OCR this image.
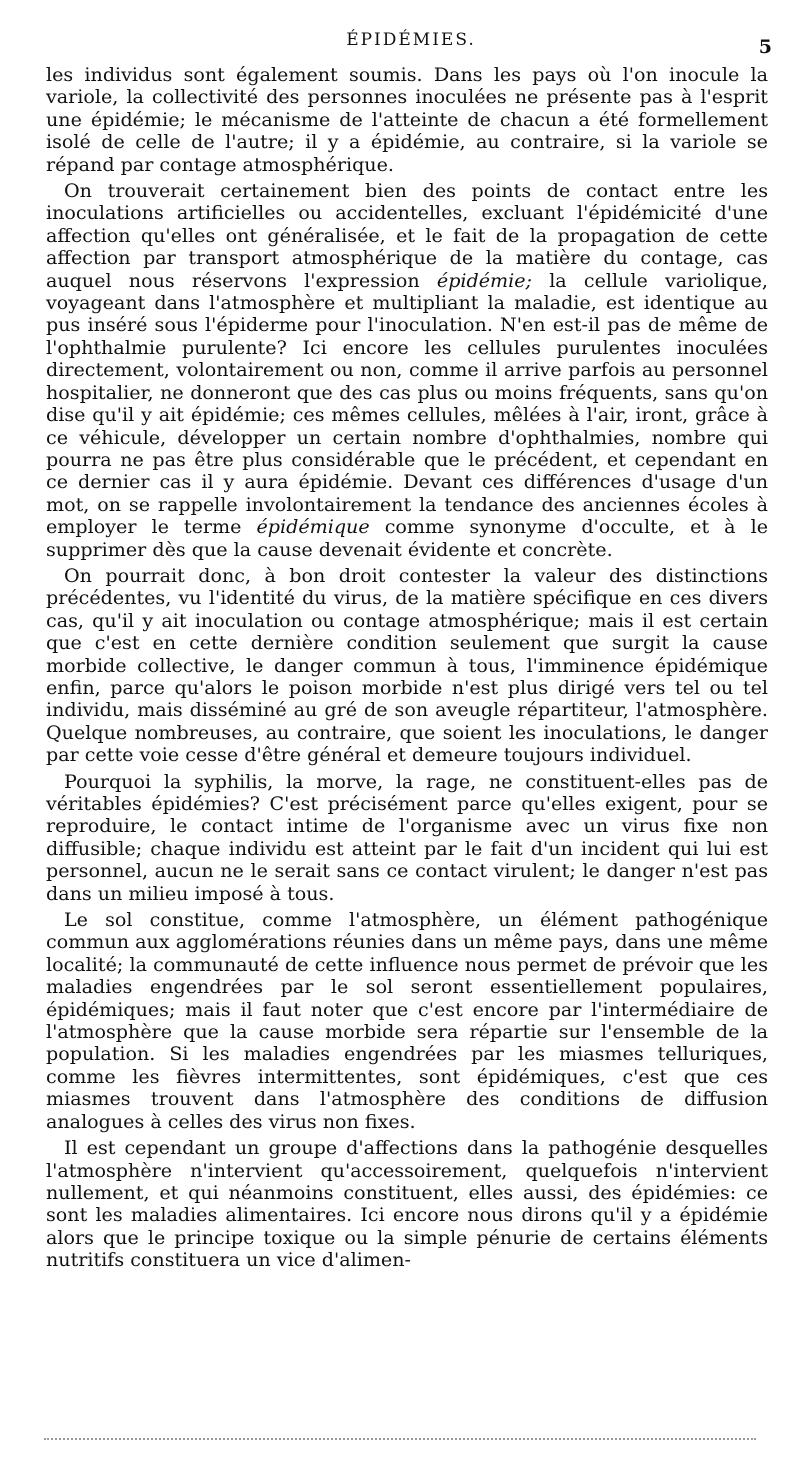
ÉPIDÉMIES.	5

les individus sont également soumis. Dans les pays où l'on inocule la variole, la collectivité des personnes inoculées ne présente pas à l'esprit une épidémie; le mécanisme de l'atteinte de chacun a été formellement isolé de celle de l'autre; il y a épidémie, au contraire, si la variole se répand par contage atmosphérique.

On trouverait certainement bien des points de contact entre les inoculations artificielles ou accidentelles, excluant l'épidémicité d'une affection qu'elles ont généralisée, et le fait de la propagation de cette affection par transport atmosphérique de la matière du contage, cas auquel nous réservons l'expression épidémie; la cellule variolique, voyageant dans l'atmosphère et multipliant la maladie, est identique au pus inséré sous l'épiderme pour l'inoculation. N'en est-il pas de même de l'ophthalmie purulente? Ici encore les cellules purulentes inoculées directement, volontairement ou non, comme il arrive parfois au personnel hospitalier, ne donneront que des cas plus ou moins fréquents, sans qu'on dise qu'il y ait épidémie; ces mêmes cellules, mêlées à l'air, iront, grâce à ce véhicule, développer un certain nombre d'ophthalmies, nombre qui pourra ne pas être plus considérable que le précédent, et cependant en ce dernier cas il y aura épidémie. Devant ces différences d'usage d'un mot, on se rappelle involontairement la tendance des anciennes écoles à employer le terme épidémique comme synonyme d'occulte, et à le supprimer dès que la cause devenait évidente et concrète.

On pourrait donc, à bon droit contester la valeur des distinctions précédentes, vu l'identité du virus, de la matière spécifique en ces divers cas, qu'il y ait inoculation ou contage atmosphérique; mais il est certain que c'est en cette dernière condition seulement que surgit la cause morbide collective, le danger commun à tous, l'imminence épidémique enfin, parce qu'alors le poison morbide n'est plus dirigé vers tel ou tel individu, mais disséminé au gré de son aveugle répartiteur, l'atmosphère. Quelque nombreuses, au contraire, que soient les inoculations, le danger par cette voie cesse d'être général et demeure toujours individuel.

Pourquoi la syphilis, la morve, la rage, ne constituent-elles pas de véritables épidémies? C'est précisément parce qu'elles exigent, pour se reproduire, le contact intime de l'organisme avec un virus fixe non diffusible; chaque individu est atteint par le fait d'un incident qui lui est personnel, aucun ne le serait sans ce contact virulent; le danger n'est pas dans un milieu imposé à tous.

Le sol constitue, comme l'atmosphère, un élément pathogénique commun aux agglomérations réunies dans un même pays, dans une même localité; la communauté de cette influence nous permet de prévoir que les maladies engendrées par le sol seront essentiellement populaires, épidémiques; mais il faut noter que c'est encore par l'intermédiaire de l'atmosphère que la cause morbide sera répartie sur l'ensemble de la population. Si les maladies engendrées par les miasmes telluriques, comme les fièvres intermittentes, sont épidémiques, c'est que ces miasmes trouvent dans l'atmosphère des conditions de diffusion analogues à celles des virus non fixes.

Il est cependant un groupe d'affections dans la pathogénie desquelles l'atmosphère n'intervient qu'accessoirement, quelquefois n'intervient nullement, et qui néanmoins constituent, elles aussi, des épidémies: ce sont les maladies alimentaires. Ici encore nous dirons qu'il y a épidémie alors que le principe toxique ou la simple pénurie de certains éléments nutritifs constituera un vice d'alimen-
